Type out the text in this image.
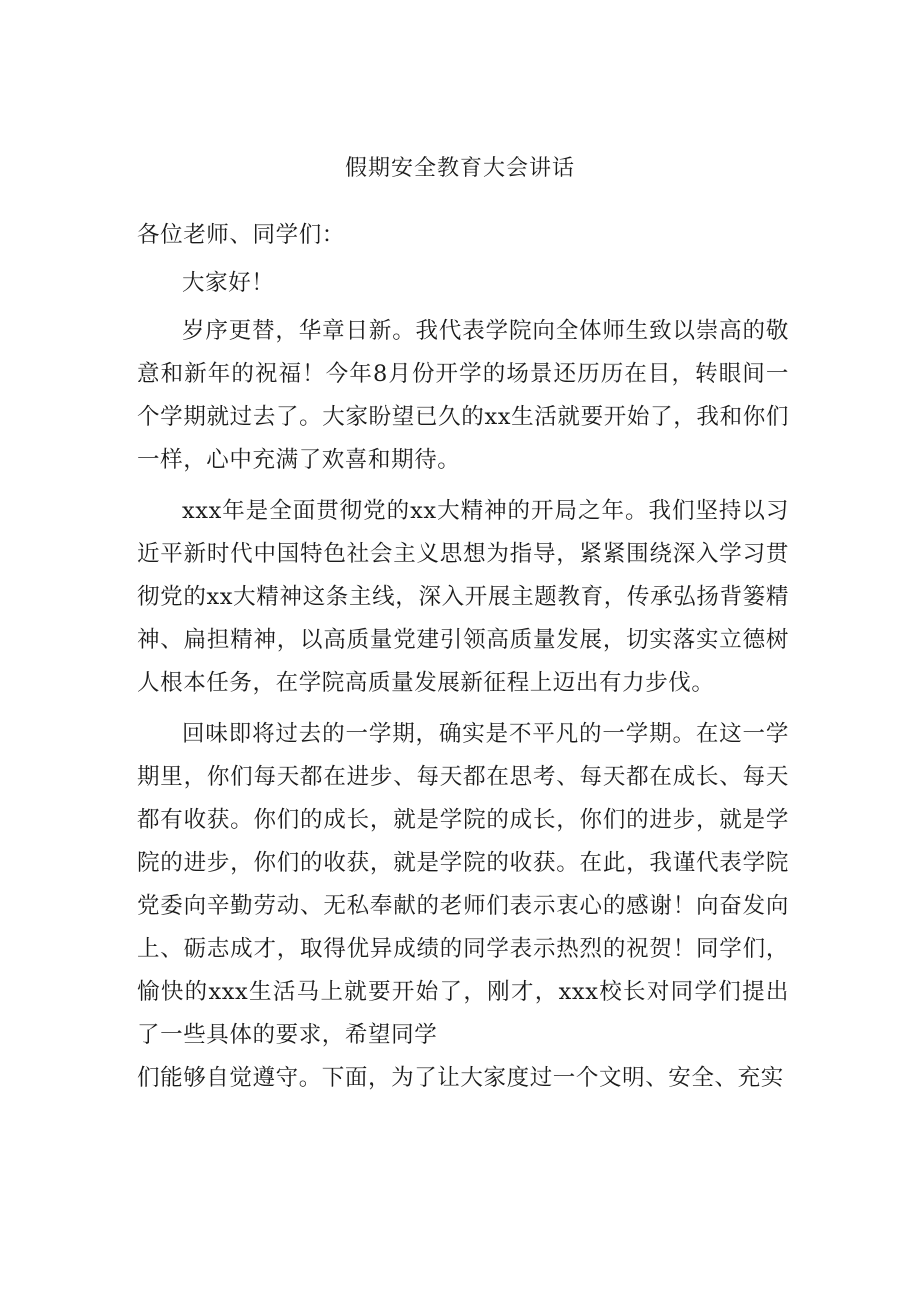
假期安全教育大会讲话

各位老师、同学们：

大家好！

岁序更替，华章日新。我代表学院向全体师生致以崇高的敬意和新年的祝福！今年8月份开学的场景还历历在目，转眼间一个学期就过去了。大家盼望已久的xx生活就要开始了，我和你们一样，心中充满了欢喜和期待。

xxx年是全面贯彻党的xx大精神的开局之年。我们坚持以习近平新时代中国特色社会主义思想为指导，紧紧围绕深入学习贯彻党的xx大精神这条主线，深入开展主题教育，传承弘扬背篓精神、扁担精神，以高质量党建引领高质量发展，切实落实立德树人根本任务，在学院高质量发展新征程上迈出有力步伐。

回味即将过去的一学期，确实是不平凡的一学期。在这一学期里，你们每天都在进步、每天都在思考、每天都在成长、每天都有收获。你们的成长，就是学院的成长，你们的进步，就是学院的进步，你们的收获，就是学院的收获。在此，我谨代表学院党委向辛勤劳动、无私奉献的老师们表示衷心的感谢！向奋发向上、砺志成才，取得优异成绩的同学表示热烈的祝贺！同学们，愉快的xxx生活马上就要开始了，刚才，xxx校长对同学们提出了一些具体的要求，希望同学

们能够自觉遵守。下面，为了让大家度过一个文明、安全、充实
